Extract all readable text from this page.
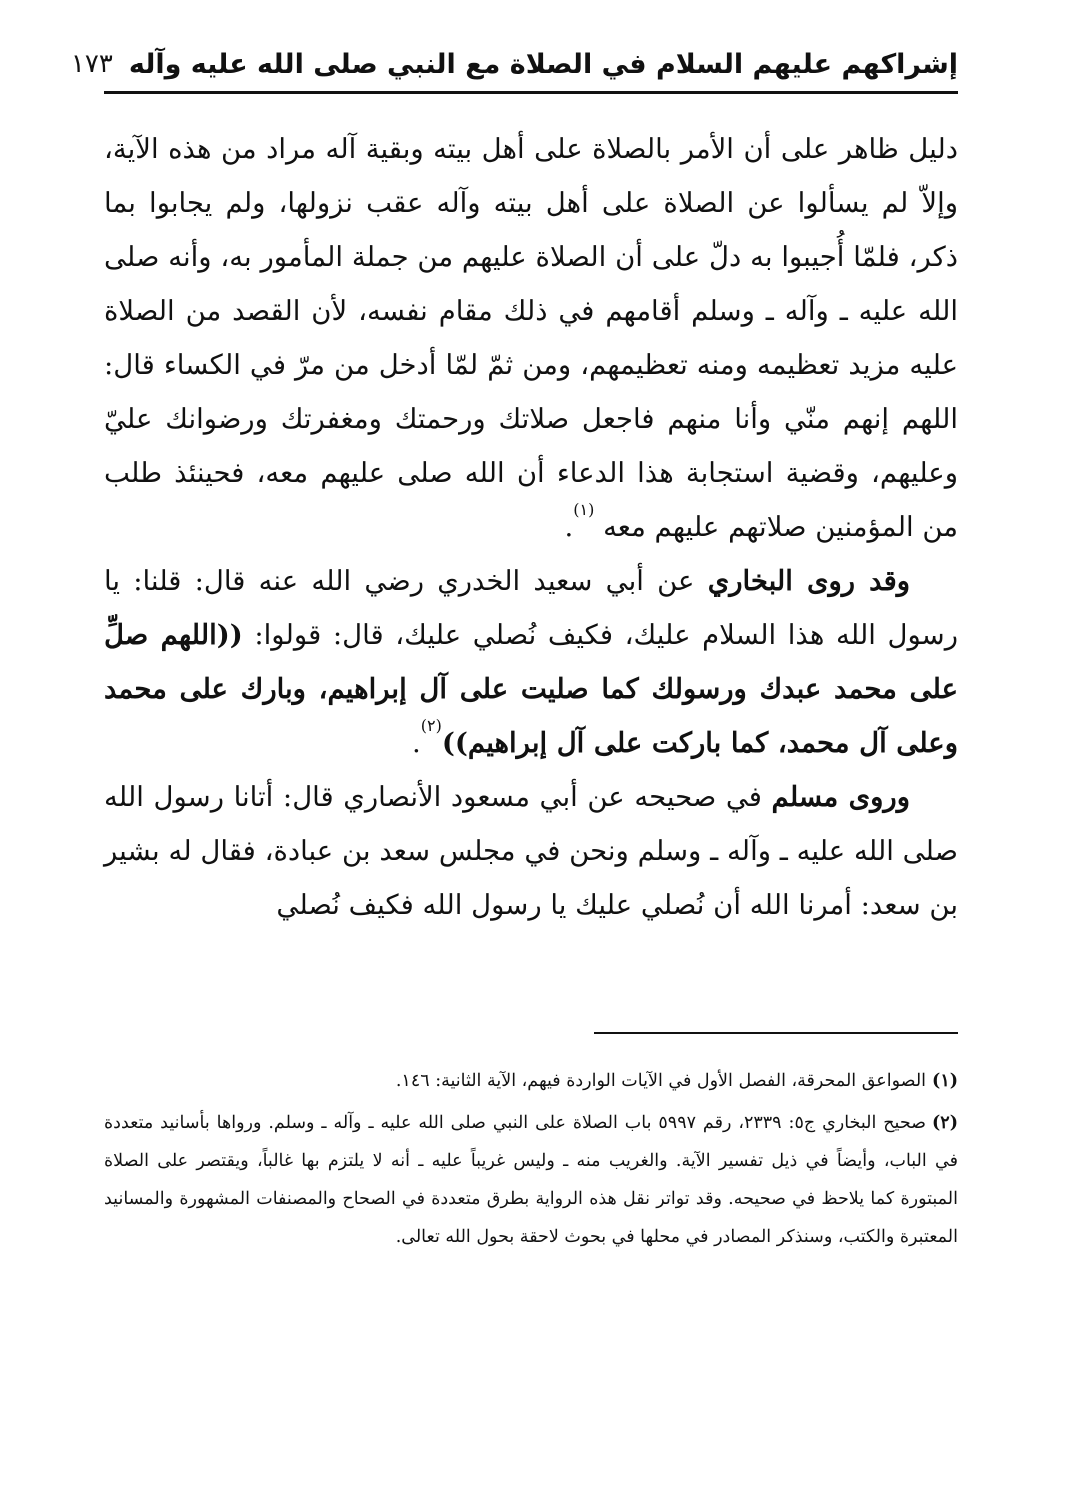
إشراكهم عليهم السلام في الصلاة مع النبي صلى الله عليه وآله
١٧٣

دليل ظاهر على أن الأمر بالصلاة على أهل بيته وبقية آله مراد من هذه الآية، وإلاّ لم يسألوا عن الصلاة على أهل بيته وآله عقب نزولها، ولم يجابوا بما ذكر، فلمّا أُجيبوا به دلّ على أن الصلاة عليهم من جملة المأمور به، وأنه صلى الله عليه ـ وآله ـ وسلم أقامهم في ذلك مقام نفسه، لأن القصد من الصلاة عليه مزيد تعظيمه ومنه تعظيمهم، ومن ثمّ لمّا أدخل من مرّ في الكساء قال: اللهم إنهم منّي وأنا منهم فاجعل صلاتك ورحمتك ومغفرتك ورضوانك عليّ وعليهم، وقضية استجابة هذا الدعاء أن الله صلى عليهم معه، فحينئذ طلب من المؤمنين صلاتهم عليهم معه $^{(١)}$.

وقد روى البخاري عن أبي سعيد الخدري رضي الله عنه قال: قلنا: يا رسول الله هذا السلام عليك، فكيف نُصلي عليك، قال: قولوا: ((اللهم صلِّ على محمد عبدك ورسولك كما صليت على آل إبراهيم، وبارك على محمد وعلى آل محمد، كما باركت على آل إبراهيم))$^{(٢)}$.

وروى مسلم في صحيحه عن أبي مسعود الأنصاري قال: أتانا رسول الله صلى الله عليه ـ وآله ـ وسلم ونحن في مجلس سعد بن عبادة، فقال له بشير بن سعد: أمرنا الله أن نُصلي عليك يا رسول الله فكيف نُصلي

(١)الصواعق المحرقة، الفصل الأول في الآيات الواردة فيهم، الآية الثانية: ١٤٦.

(٢)صحيح البخاري ج٥: ٢٣٣٩، رقم ٥٩٩٧ باب الصلاة على النبي صلى الله عليه ـ وآله ـ وسلم. ورواها بأسانيد متعددة في الباب، وأيضاً في ذيل تفسير الآية. والغريب منه ـ وليس غريباً عليه ـ أنه لا يلتزم بها غالباً، ويقتصر على الصلاة المبتورة كما يلاحظ في صحيحه. وقد تواتر نقل هذه الرواية بطرق متعددة في الصحاح والمصنفات المشهورة والمسانيد المعتبرة والكتب، وسنذكر المصادر في محلها في بحوث لاحقة بحول الله تعالى.
